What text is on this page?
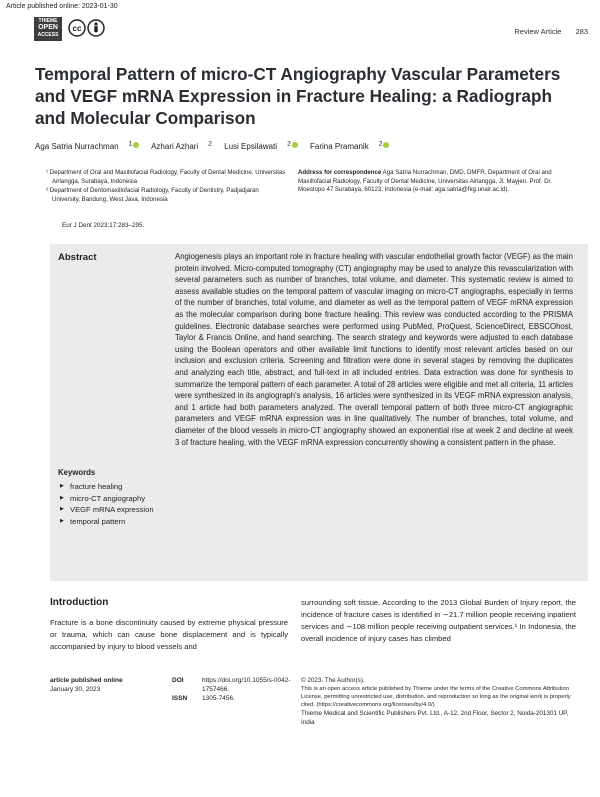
Article published online: 2023-01-30
THIEME
OPEN
ACCESS
cc	Review Article 283
Temporal Pattern of micro-CT Angiography Vascular Parameters and VEGF mRNA Expression in Fracture Healing: a Radiograph and Molecular Comparison
Aga Satria Nurrachman $^1$ Azhari Azhari $^2$ Lusi Epsilawati $^2$ Farina Pramanik $^2$

¹ Department of Oral and Maxillofacial Radiology, Faculty of Dental Medicine, Universitas Airlangga, Surabaya, Indonesia

² Department of Dentomaxillofacial Radiology, Faculty of Dentistry, Padjadjaran University, Bandung, West Java, Indonesia

Address for correspondence Aga Satria Nurrachman, DMD, DMFR, Department of Oral and Maxillofacial Radiology, Faculty of Dental Medicine, Universitas Airlangga, Jl. Mayjen. Prof. Dr. Moestopo 47 Surabaya, 60123, Indonesia (e-mail: aga.satria@fkg.unair.ac.id).
Eur J Dent 2023;17:283–295.
Abstract	Angiogenesis plays an important role in fracture healing with vascular endothelial growth factor (VEGF) as the main protein involved. Micro-computed tomography (CT) angiography may be used to analyze this revascularization with several parameters such as number of branches, total volume, and diameter. This systematic review is aimed to assess available studies on the temporal pattern of vascular imaging on micro-CT angiographs, especially in terms of the number of branches, total volume, and diameter as well as the temporal pattern of VEGF mRNA expression as the molecular comparison during bone fracture healing. This review was conducted according to the PRISMA guidelines. Electronic database searches were performed using PubMed, ProQuest, ScienceDirect, EBSCOhost, Taylor & Francis Online, and hand searching. The search strategy and keywords were adjusted to each database using the Boolean operators and other available limit functions to identify most relevant articles based on our inclusion and exclusion criteria. Screening and filtration were done in several stages by removing the duplicates and analyzing each title, abstract, and full-text in all included entries. Data extraction was done for synthesis to summarize the temporal pattern of each parameter. A total of 28 articles were eligible and met all criteria, 11 articles were synthesized in its angiograph's analysis, 16 articles were synthesized in its VEGF mRNA expression analysis, and 1 article had both parameters analyzed. The overall temporal pattern of both three micro-CT angiographic parameters and VEGF mRNA expression was in line qualitatively. The number of branches, total volume, and diameter of the blood vessels in micro-CT angiography showed an exponential rise at week 2 and decline at week 3 of fracture healing, with the VEGF mRNA expression concurrently showing a consistent pattern in the phase.

Keywords
▶ fracture healing
▶ micro-CT angiography
▶ VEGF mRNA expression
▶ temporal pattern
Introduction

Fracture is a bone discontinuity caused by extreme physical pressure or trauma, which can cause bone displacement and is typically accompanied by injury to blood vessels and

surrounding soft tissue. According to the 2013 Global Burden of Injury report, the incidence of fracture cases is identified in ∼21.7 million people receiving inpatient services and ∼108 million people receiving outpatient services.¹ In Indonesia, the overall incidence of injury cases has climbed

article published online
January 30, 2023
DOI	https://doi.org/10.1055/s-0042-1757466.
ISSN	1305-7456.

© 2023. The Author(s).

This is an open access article published by Thieme under the terms of the Creative Commons Attribution License, permitting unrestricted use, distribution, and reproduction so long as the original work is properly cited. (https://creativecommons.org/licenses/by/4.0/)

Thieme Medical and Scientific Publishers Pvt. Ltd., A-12, 2nd Floor, Sector 2, Noida-201301 UP, India
